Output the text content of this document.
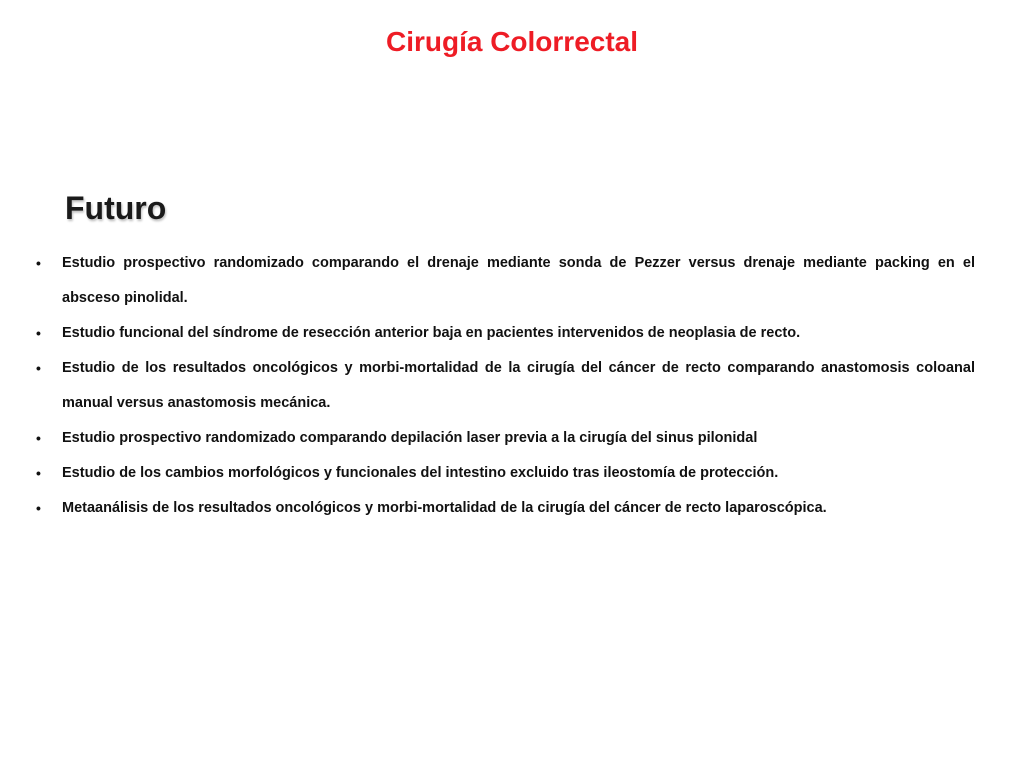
Cirugía Colorrectal
Futuro
• Estudio prospectivo randomizado comparando el drenaje mediante sonda de Pezzer versus drenaje mediante packing en el absceso pinolidal.
• Estudio funcional del síndrome de resección anterior baja en pacientes intervenidos de neoplasia de recto.
• Estudio de los resultados oncológicos y morbi-mortalidad de la cirugía del cáncer de recto comparando anastomosis coloanal manual versus anastomosis mecánica.
• Estudio prospectivo randomizado comparando depilación laser previa a la cirugía del sinus pilonidal
• Estudio de los cambios morfológicos y funcionales del intestino excluido tras ileostomía de protección.
• Metaanálisis de los resultados oncológicos y morbi-mortalidad de la cirugía del cáncer de recto laparoscópica.
